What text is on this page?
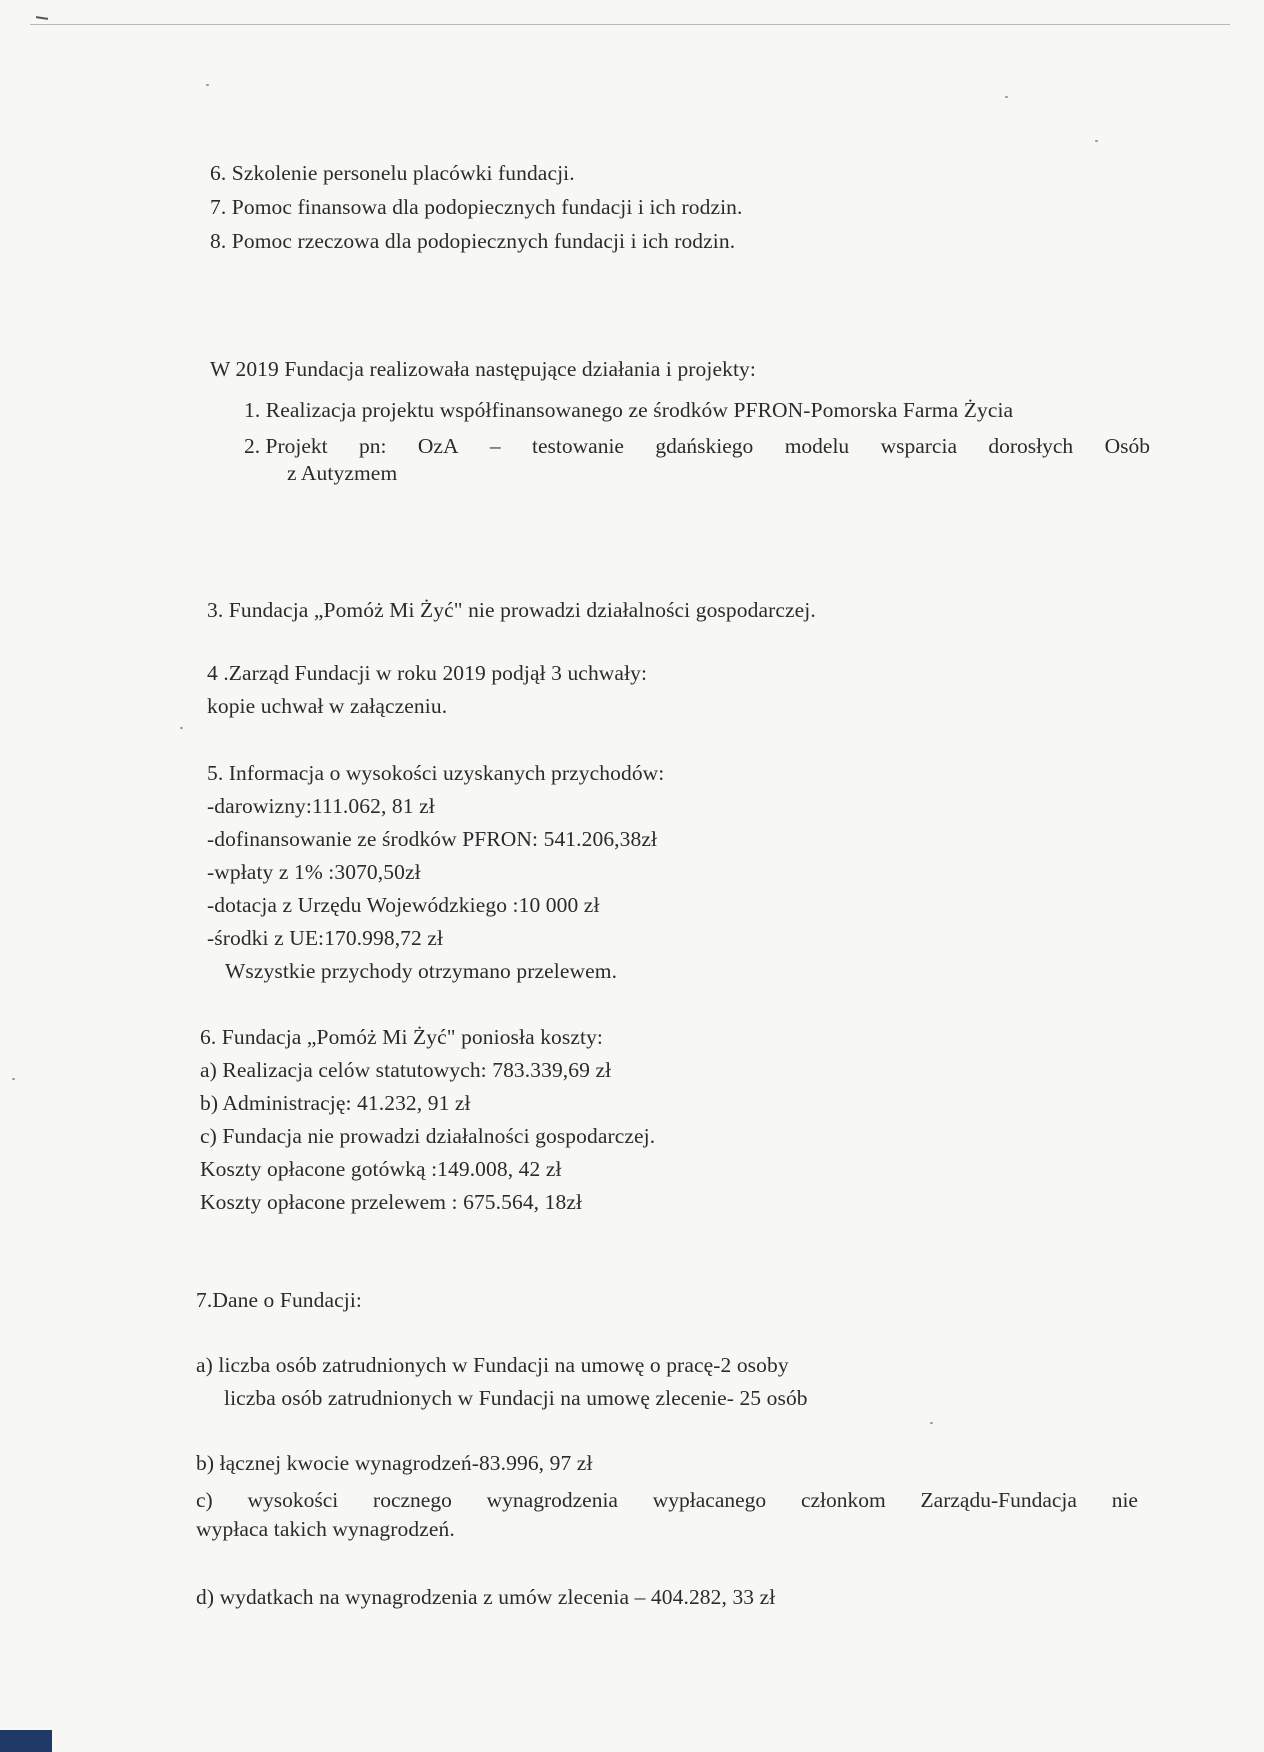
6. Szkolenie personelu placówki fundacji.
7. Pomoc finansowa dla podopiecznych fundacji i ich rodzin.
8. Pomoc rzeczowa dla podopiecznych fundacji i ich rodzin.
W 2019 Fundacja realizowała następujące działania i projekty:
1. Realizacja projektu współfinansowanego ze środków PFRON-Pomorska Farma Życia
2. Projekt pn: OzA – testowanie gdańskiego modelu wsparcia dorosłych Osób
z Autyzmem
3. Fundacja „Pomóż Mi Żyć" nie prowadzi działalności gospodarczej.
4 .Zarząd Fundacji w roku 2019 podjął 3 uchwały:
kopie uchwał w załączeniu.
5. Informacja o wysokości uzyskanych przychodów:
-darowizny:111.062, 81 zł
-dofinansowanie ze środków PFRON: 541.206,38zł
-wpłaty z 1% :3070,50zł
-dotacja z Urzędu Wojewódzkiego :10 000 zł
-środki z UE:170.998,72 zł
Wszystkie przychody otrzymano przelewem.
6. Fundacja „Pomóż Mi Żyć" poniosła koszty:
a) Realizacja celów statutowych: 783.339,69 zł
b) Administrację: 41.232, 91 zł
c) Fundacja nie prowadzi działalności gospodarczej.
Koszty opłacone gotówką :149.008, 42 zł
Koszty opłacone przelewem : 675.564, 18zł
7.Dane o Fundacji:
a) liczba osób zatrudnionych w Fundacji na umowę o pracę-2 osoby
liczba osób zatrudnionych w Fundacji na umowę zlecenie- 25 osób
b) łącznej kwocie wynagrodzeń-83.996, 97 zł
c) wysokości rocznego wynagrodzenia wypłacanego członkom Zarządu-Fundacja nie
wypłaca takich wynagrodzeń.
d) wydatkach na wynagrodzenia z umów zlecenia – 404.282, 33 zł
